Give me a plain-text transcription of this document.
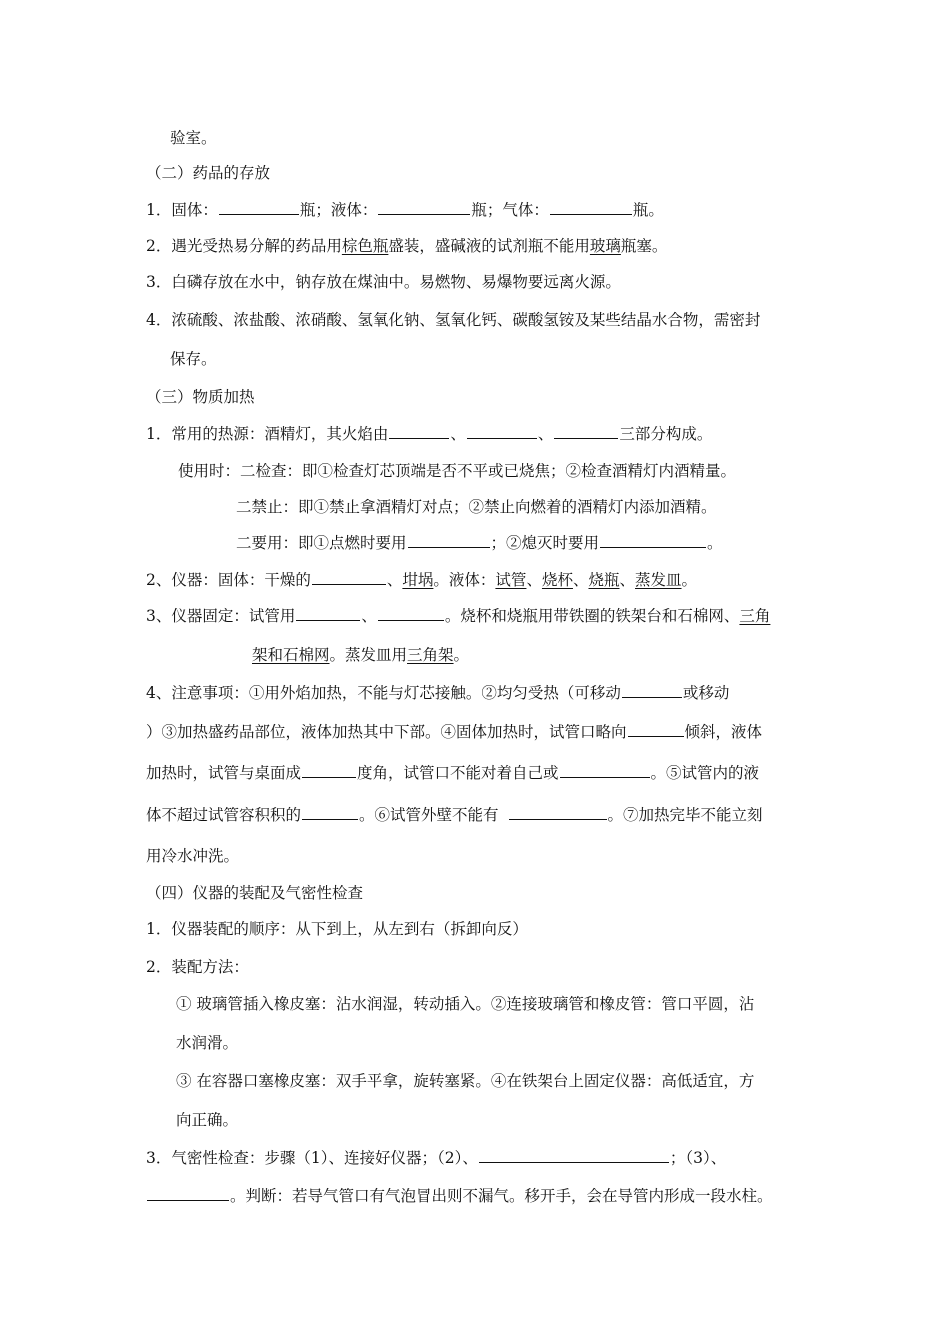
验室。
（二）药品的存放
1．固体：	瓶；液体：	瓶；气体：	瓶。
2．遇光受热易分解的药品用棕色瓶盛装，盛碱液的试剂瓶不能用玻璃瓶塞。
3．白磷存放在水中，钠存放在煤油中。易燃物、易爆物要远离火源。
4．浓硫酸、浓盐酸、浓硝酸、氢氧化钠、氢氧化钙、碳酸氢铵及某些结晶水合物，需密封
保存。
（三）物质加热
1．常用的热源：酒精灯，其火焰由	、	、	三部分构成。
使用时：二检查：即①检查灯芯顶端是否不平或已烧焦；②检查酒精灯内酒精量。
二禁止：即①禁止拿酒精灯对点；②禁止向燃着的酒精灯内添加酒精。
二要用：即①点燃时要用	；②熄灭时要用	。
2、仪器：固体：干燥的	、坩埚。液体：试管、烧杯、烧瓶、蒸发皿。
3、仪器固定：试管用	、	。烧杯和烧瓶用带铁圈的铁架台和石棉网、三角
架和石棉网。蒸发皿用三角架。
4、注意事项：①用外焰加热，不能与灯芯接触。②均匀受热（可移动	或移动
）③加热盛药品部位，液体加热其中下部。④固体加热时，试管口略向	倾斜，液体
加热时，试管与桌面成	度角，试管口不能对着自己或	。⑤试管内的液
体不超过试管容积积的	。⑥试管外壁不能有	。⑦加热完毕不能立刻
用冷水冲洗。
（四）仪器的装配及气密性检查
1．仪器装配的顺序：从下到上，从左到右（拆卸向反）
2．装配方法：
① 玻璃管插入橡皮塞：沾水润湿，转动插入。②连接玻璃管和橡皮管：管口平圆，沾
水润滑。
③ 在容器口塞橡皮塞：双手平拿，旋转塞紧。④在铁架台上固定仪器：高低适宜，方
向正确。
3．气密性检查：步骤（1）、连接好仪器；（2）、	；（3）、
。判断：若导气管口有气泡冒出则不漏气。移开手，会在导管内形成一段水柱。
